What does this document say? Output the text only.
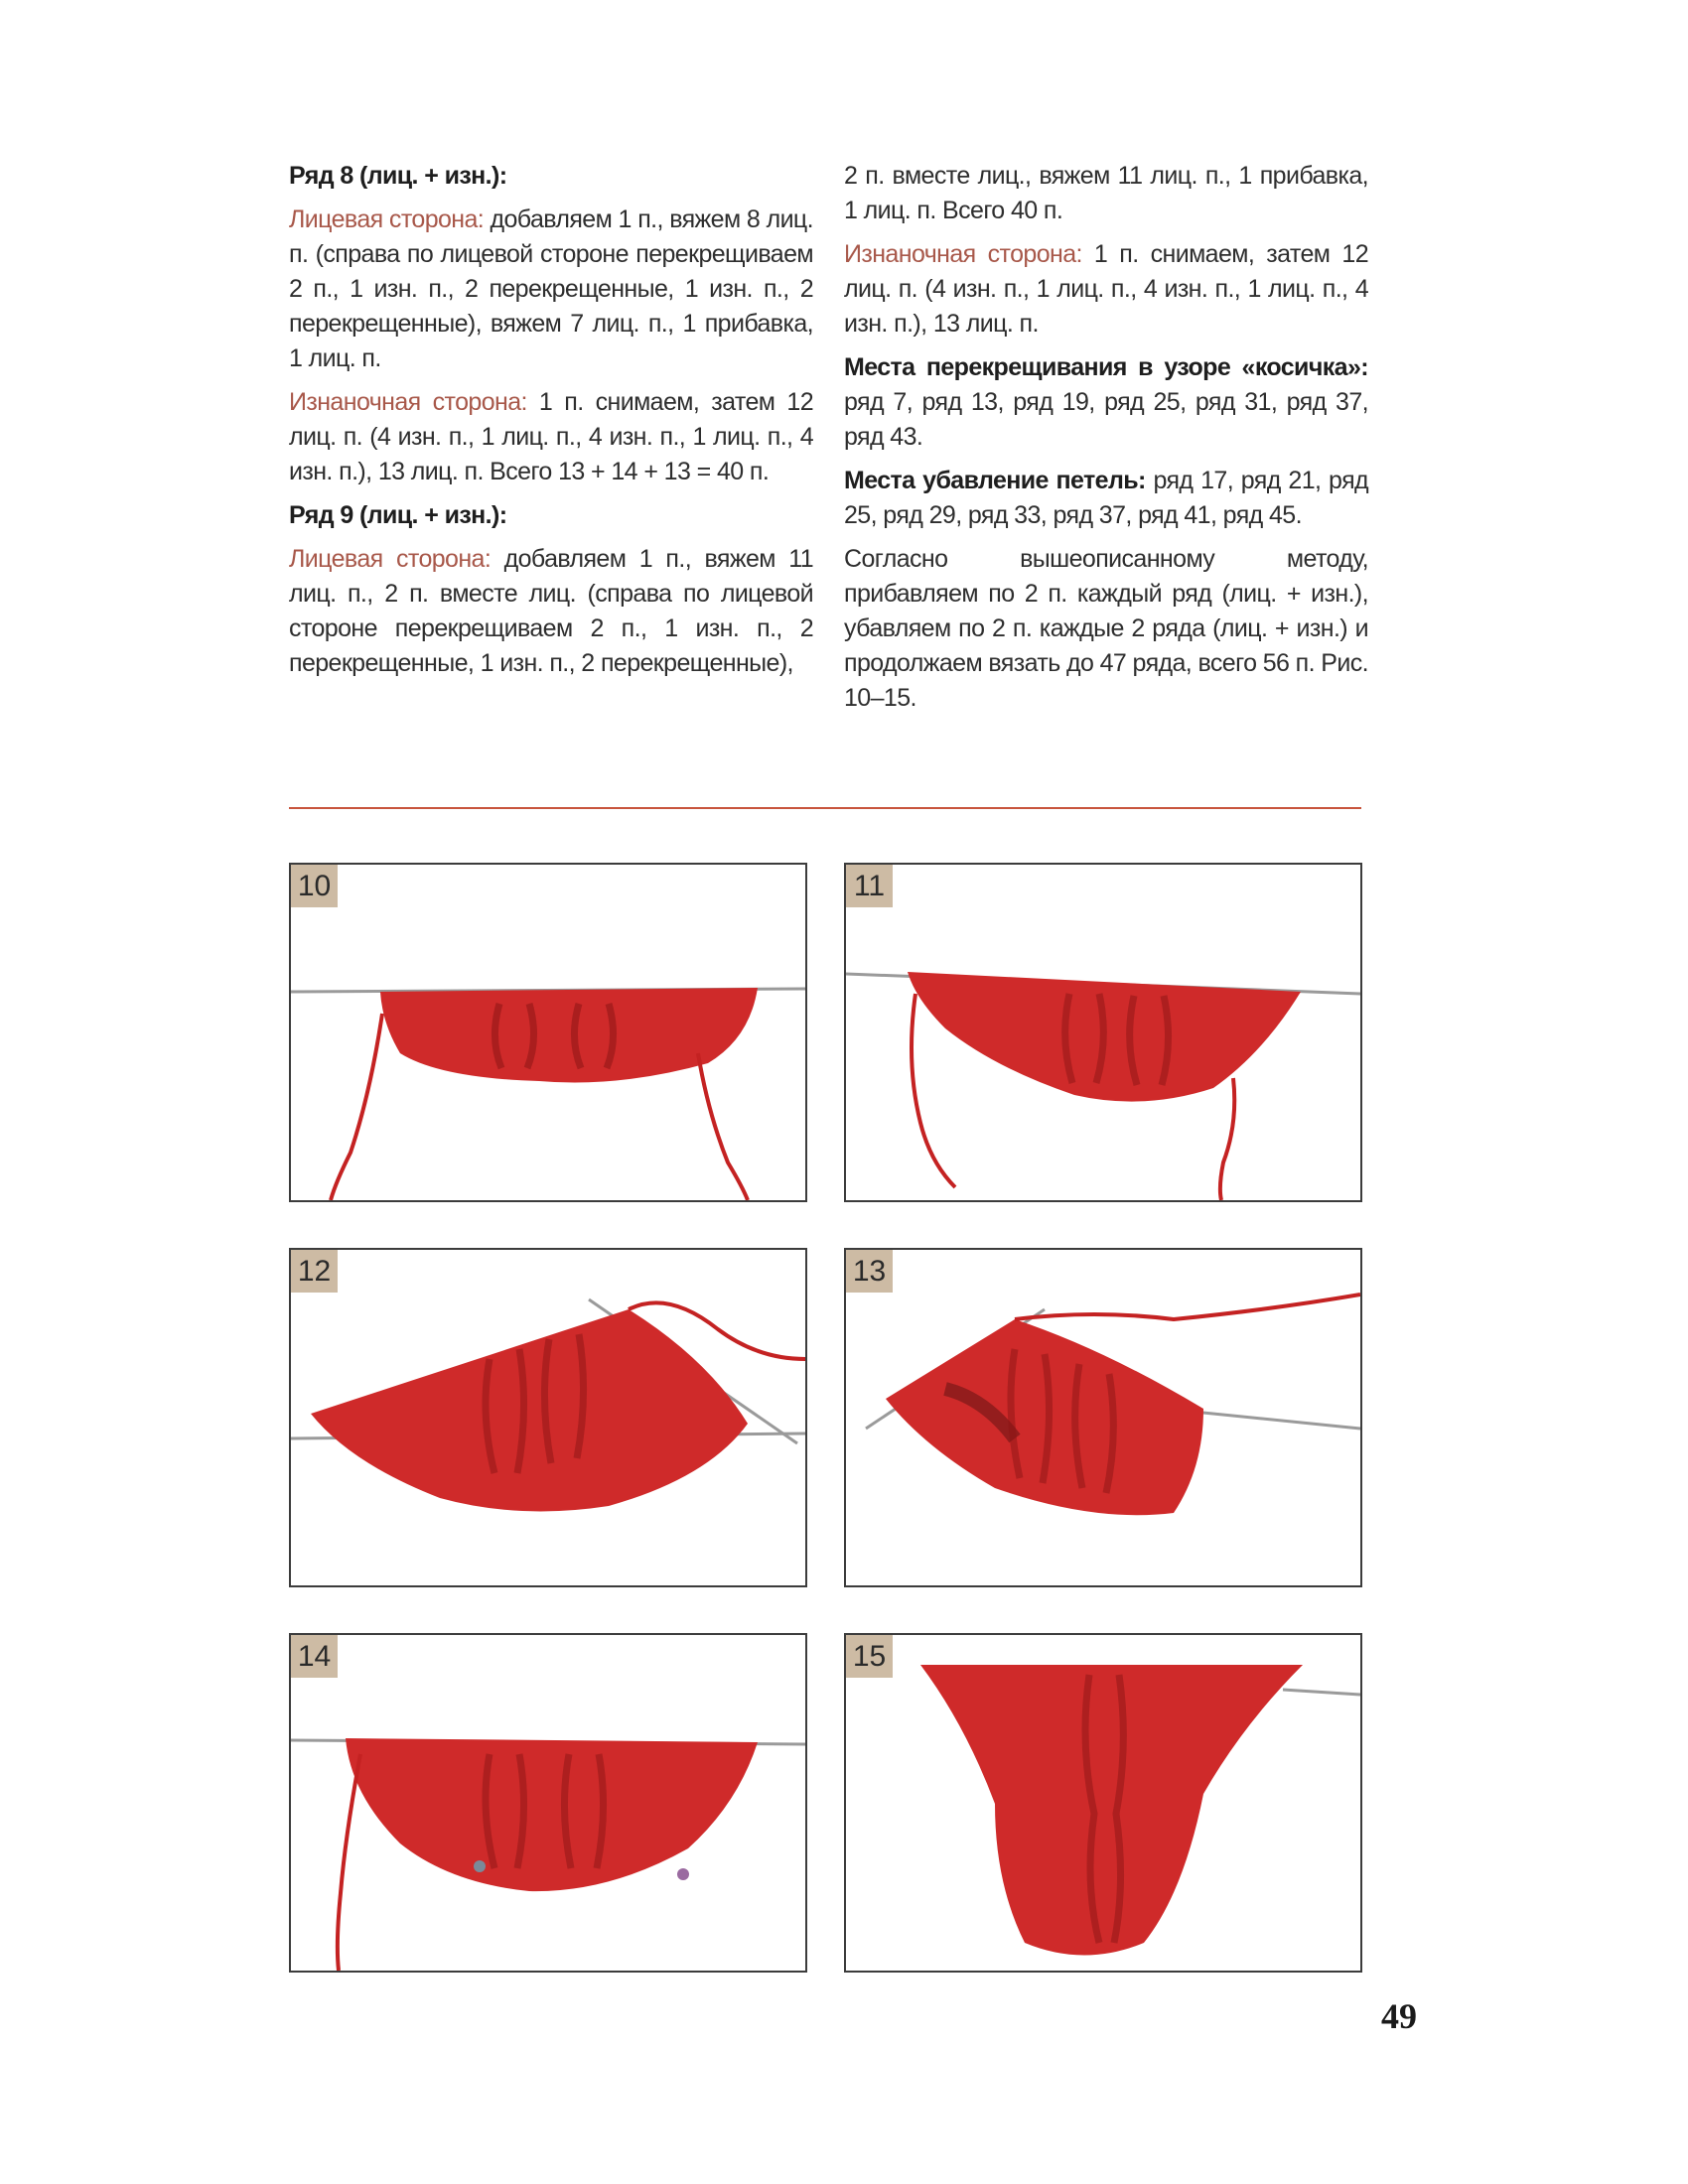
Ряд 8 (лиц. + изн.):

Лицевая сторона: добавляем 1 п., вяжем 8 лиц. п. (справа по лицевой стороне перекрещиваем 2 п., 1 изн. п., 2 перекрещенные, 1 изн. п., 2 перекрещенные), вяжем 7 лиц. п., 1 прибавка, 1 лиц. п.

Изнаночная сторона: 1 п. снимаем, затем 12 лиц. п. (4 изн. п., 1 лиц. п., 4 изн. п., 1 лиц. п., 4 изн. п.), 13 лиц. п. Всего 13 + 14 + 13 = 40 п.

Ряд 9 (лиц. + изн.):

Лицевая сторона: добавляем 1 п., вяжем 11 лиц. п., 2 п. вместе лиц. (справа по лицевой стороне перекрещиваем 2 п., 1 изн. п., 2 перекрещенные, 1 изн. п., 2 перекрещенные),

2 п. вместе лиц., вяжем 11 лиц. п., 1 прибавка, 1 лиц. п. Всего 40 п.

Изнаночная сторона: 1 п. снимаем, затем 12 лиц. п. (4 изн. п., 1 лиц. п., 4 изн. п., 1 лиц. п., 4 изн. п.), 13 лиц. п.

Места перекрещивания в узоре «косичка»: ряд 7, ряд 13, ряд 19, ряд 25, ряд 31, ряд 37, ряд 43.

Места убавление петель: ряд 17, ряд 21, ряд 25, ряд 29, ряд 33, ряд 37, ряд 41, ряд 45.

Согласно вышеописанному методу, прибавляем по 2 п. каждый ряд (лиц. + изн.), убавляем по 2 п. каждые 2 ряда (лиц. + изн.) и продолжаем вязать до 47 ряда, всего 56 п. Рис. 10–15.

10	11
12	13
14	15
49
